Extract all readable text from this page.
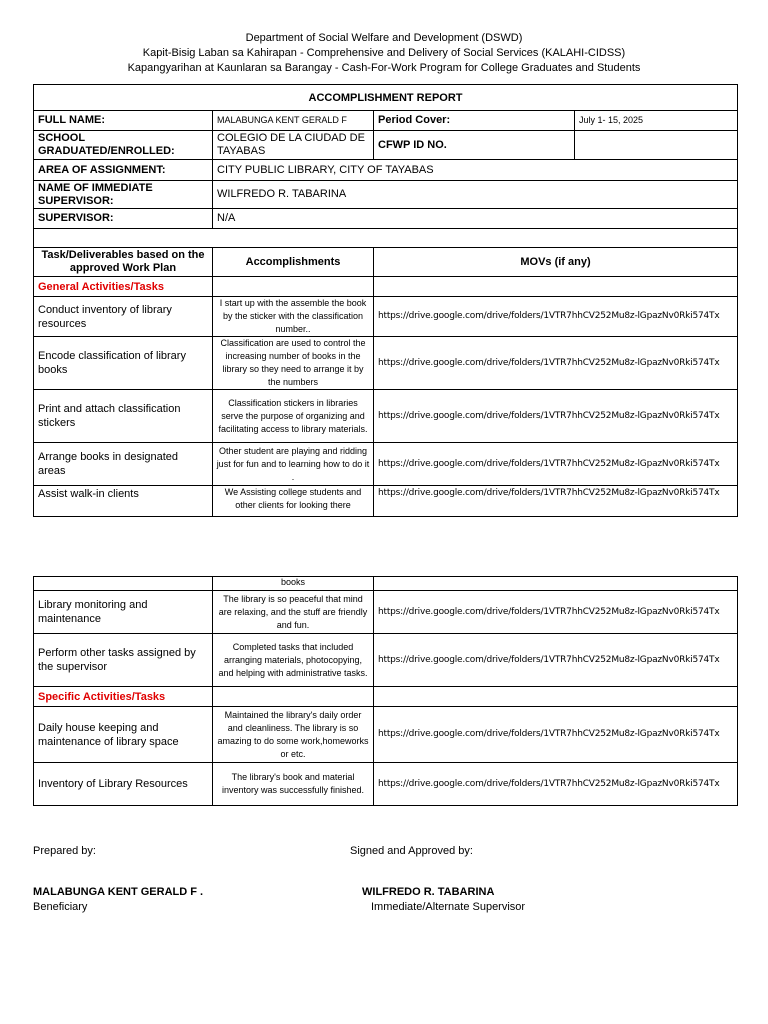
Department of Social Welfare and Development (DSWD)
Kapit-Bisig Laban sa Kahirapan - Comprehensive and Delivery of Social Services (KALAHI-CIDSS)
Kapangyarihan at Kaunlaran sa Barangay - Cash-For-Work Program for College Graduates and Students
ACCOMPLISHMENT REPORT			
FULL NAME:	MALABUNGA KENT GERALD F	Period Cover:	July 1- 15, 2025
SCHOOL GRADUATED/ENROLLED:	COLEGIO DE LA CIUDAD DE TAYABAS	CFWP ID NO.	
AREA OF ASSIGNMENT:	CITY PUBLIC LIBRARY, CITY OF TAYABAS		
NAME OF IMMEDIATE SUPERVISOR:	WILFREDO R. TABARINA		
SUPERVISOR:	N/A		

Task/Deliverables based on the approved Work Plan	Accomplishments	MOVs (if any)	
General Activities/Tasks			
Conduct inventory of library resources	I start up with the assemble the book by the sticker with the classification number..	https://drive.google.com/drive/folders/1VTR7hhCV252Mu8z-lGpazNv0Rki574Tx	
Encode classification of library books	Classification are used to control the increasing number of books in the library so they need to arrange it by the numbers	https://drive.google.com/drive/folders/1VTR7hhCV252Mu8z-lGpazNv0Rki574Tx	
Print and attach classification stickers	Classification stickers in libraries serve the purpose of organizing and facilitating access to library materials.	https://drive.google.com/drive/folders/1VTR7hhCV252Mu8z-lGpazNv0Rki574Tx	
Arrange books in designated areas	Other student are playing and ridding just for fun and to learning how to do it .	https://drive.google.com/drive/folders/1VTR7hhCV252Mu8z-lGpazNv0Rki574Tx	
Assist walk-in clients	We Assisting college students and other clients for looking there	https://drive.google.com/drive/folders/1VTR7hhCV252Mu8z-lGpazNv0Rki574Tx	
	books	
Library monitoring and maintenance	The library is so peaceful that mind are relaxing, and the stuff are friendly and fun.	https://drive.google.com/drive/folders/1VTR7hhCV252Mu8z-lGpazNv0Rki574Tx
Perform other tasks assigned by the supervisor	Completed tasks that included arranging materials, photocopying, and helping with administrative tasks.	https://drive.google.com/drive/folders/1VTR7hhCV252Mu8z-lGpazNv0Rki574Tx
Specific Activities/Tasks		
Daily house keeping and maintenance of library space	Maintained the library's daily order and cleanliness. The library is so amazing to do some work,homeworks or etc.	https://drive.google.com/drive/folders/1VTR7hhCV252Mu8z-lGpazNv0Rki574Tx
Inventory of Library Resources	The library's book and material inventory was successfully finished.	https://drive.google.com/drive/folders/1VTR7hhCV252Mu8z-lGpazNv0Rki574Tx
Prepared by:	Signed and Approved by:
MALABUNGA KENT GERALD F .
Beneficiary
WILFREDO R. TABARINA
Immediate/Alternate Supervisor
